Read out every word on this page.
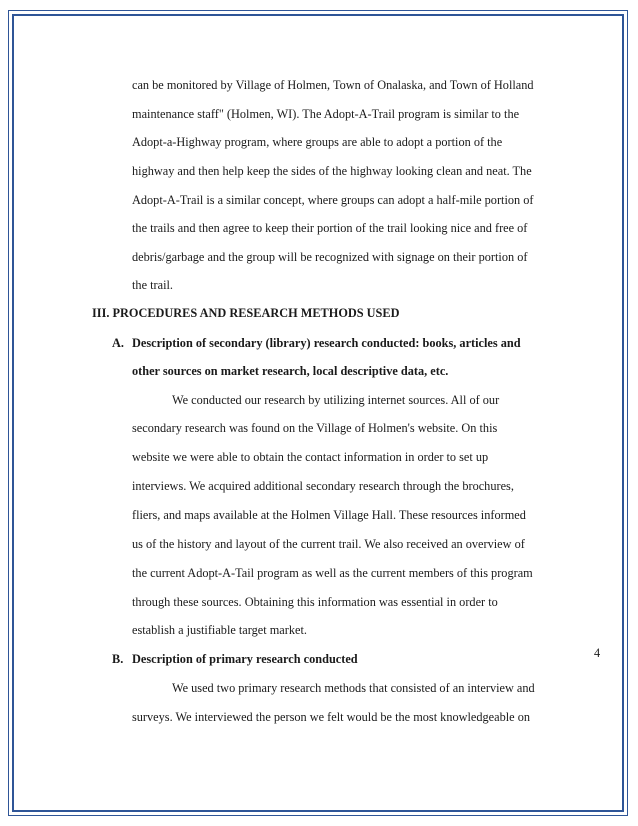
can be monitored by Village of Holmen, Town of Onalaska, and Town of Holland
maintenance staff" (Holmen, WI). The Adopt-A-Trail program is similar to the
Adopt-a-Highway program, where groups are able to adopt a portion of the
highway and then help keep the sides of the highway looking clean and neat. The
Adopt-A-Trail is a similar concept, where groups can adopt a half-mile portion of
the trails and then agree to keep their portion of the trail looking nice and free of
debris/garbage and the group will be recognized with signage on their portion of
the trail.
III. PROCEDURES AND RESEARCH METHODS USED
A. Description of secondary (library) research conducted: books, articles and
other sources on market research, local descriptive data, etc.
We conducted our research by utilizing internet sources. All of our
secondary research was found on the Village of Holmen's website. On this
website we were able to obtain the contact information in order to set up
interviews. We acquired additional secondary research through the brochures,
fliers, and maps available at the Holmen Village Hall. These resources informed
us of the history and layout of the current trail. We also received an overview of
the current Adopt-A-Tail program as well as the current members of this program
through these sources. Obtaining this information was essential in order to
establish a justifiable target market.
B. Description of primary research conducted	4
We used two primary research methods that consisted of an interview and
surveys. We interviewed the person we felt would be the most knowledgeable on
